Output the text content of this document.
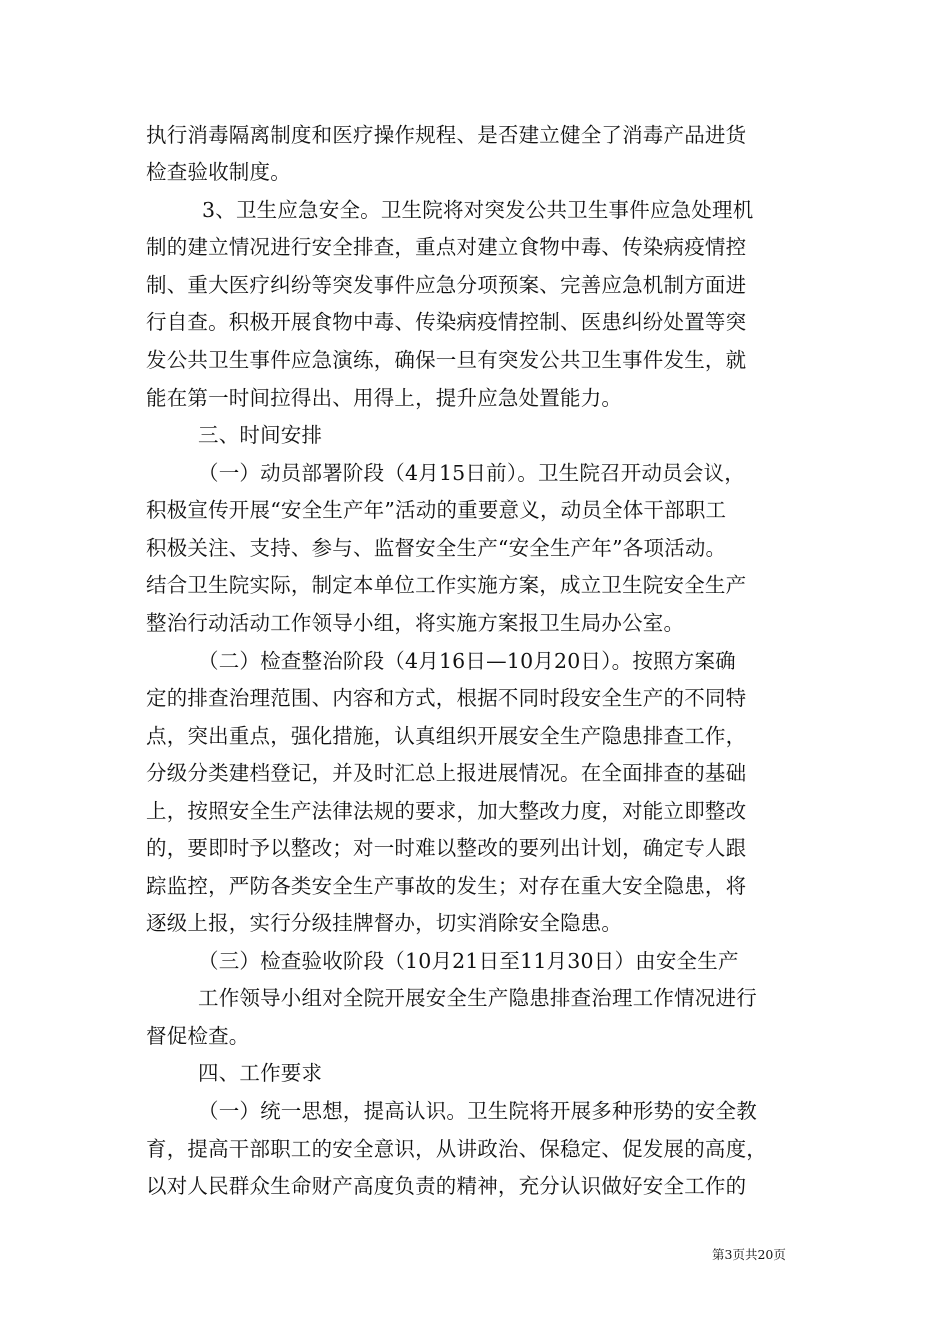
执行消毒隔离制度和医疗操作规程、是否建立健全了消毒产品进货
检查验收制度。
3、卫生应急安全。卫生院将对突发公共卫生事件应急处理机
制的建立情况进行安全排查，重点对建立食物中毒、传染病疫情控
制、重大医疗纠纷等突发事件应急分项预案、完善应急机制方面进
行自查。积极开展食物中毒、传染病疫情控制、医患纠纷处置等突
发公共卫生事件应急演练，确保一旦有突发公共卫生事件发生，就
能在第一时间拉得出、用得上，提升应急处置能力。
三、时间安排
（一）动员部署阶段（4月15日前）。卫生院召开动员会议，
积极宣传开展“安全生产年”活动的重要意义，动员全体干部职工
积极关注、支持、参与、监督安全生产“安全生产年”各项活动。
结合卫生院实际，制定本单位工作实施方案，成立卫生院安全生产
整治行动活动工作领导小组，将实施方案报卫生局办公室。
（二）检查整治阶段（4月16日—10月20日）。按照方案确
定的排查治理范围、内容和方式，根据不同时段安全生产的不同特
点，突出重点，强化措施，认真组织开展安全生产隐患排查工作，
分级分类建档登记，并及时汇总上报进展情况。在全面排查的基础
上，按照安全生产法律法规的要求，加大整改力度，对能立即整改
的，要即时予以整改；对一时难以整改的要列出计划，确定专人跟
踪监控，严防各类安全生产事故的发生；对存在重大安全隐患，将
逐级上报，实行分级挂牌督办，切实消除安全隐患。
（三）检查验收阶段（10月21日至11月30日）由安全生产
工作领导小组对全院开展安全生产隐患排查治理工作情况进行
督促检查。
四、工作要求
（一）统一思想，提高认识。卫生院将开展多种形势的安全教
育，提高干部职工的安全意识，从讲政治、保稳定、促发展的高度，
以对人民群众生命财产高度负责的精神，充分认识做好安全工作的
第3页共20页
